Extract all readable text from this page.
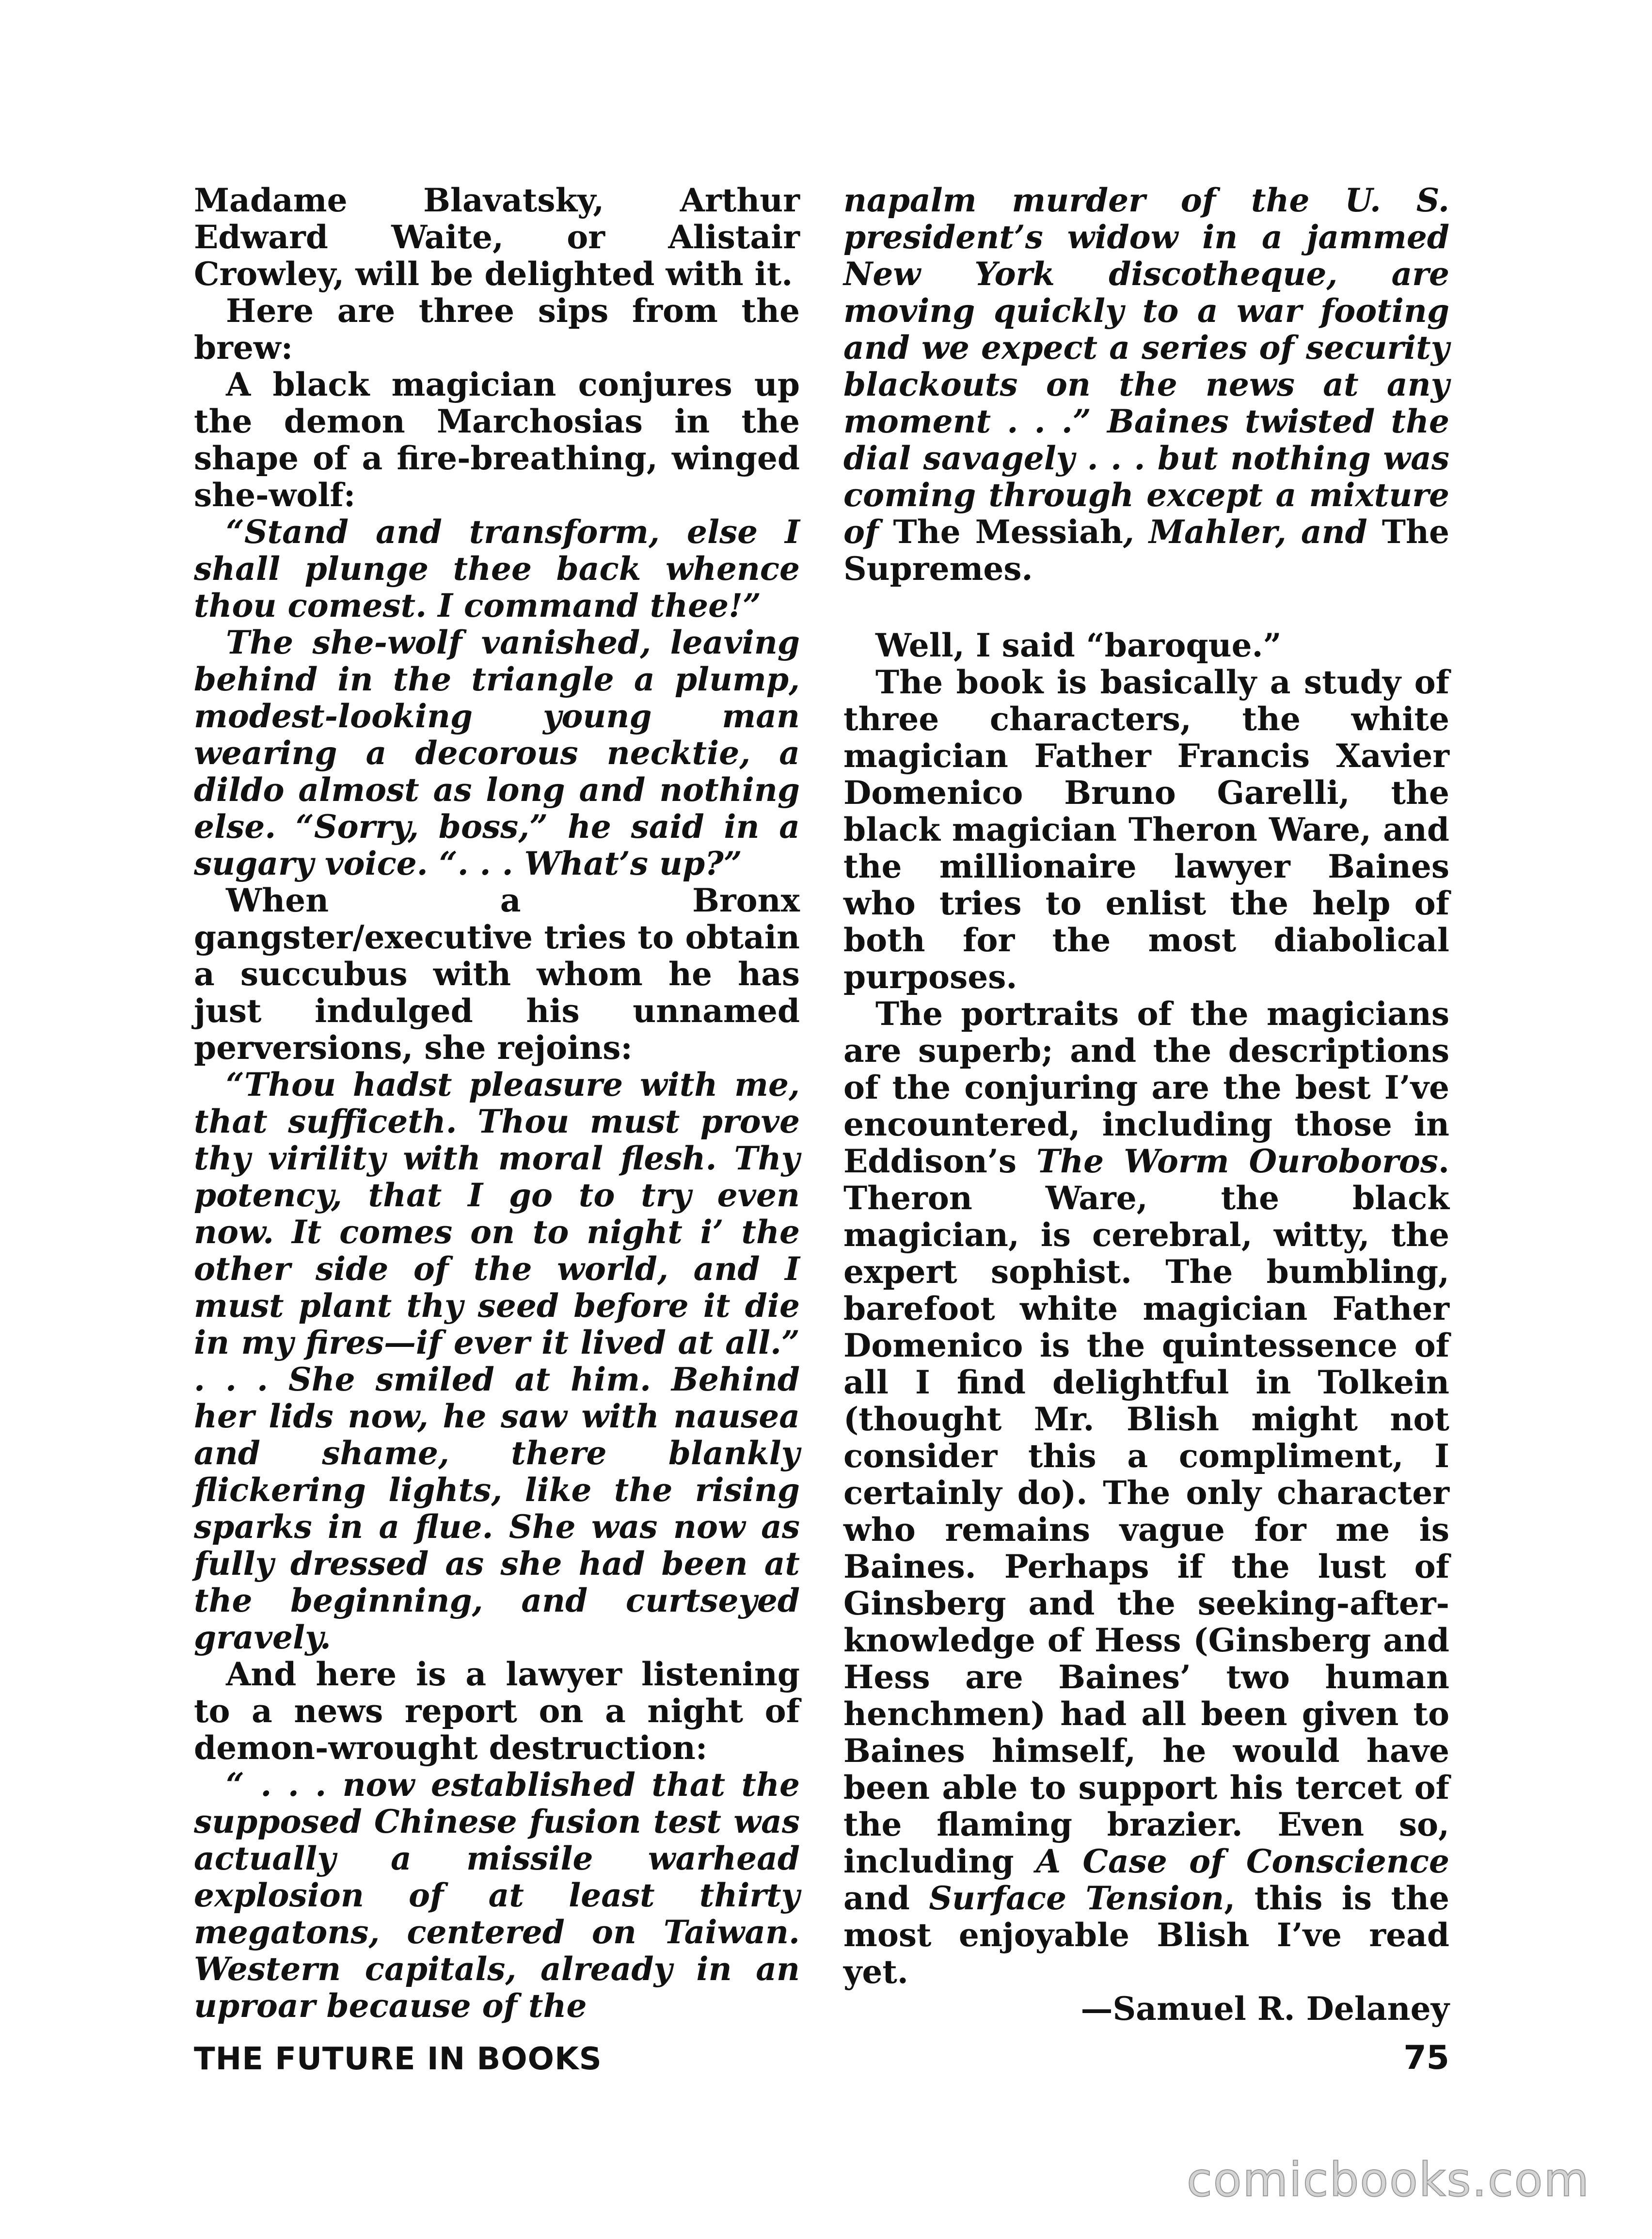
Madame Blavatsky, Arthur Edward Waite, or Alistair Crowley, will be delighted with it.

Here are three sips from the brew:

A black magician conjures up the demon Marchosias in the shape of a fire-breathing, winged she-wolf:

“Stand and transform, else I shall plunge thee back whence thou comest. I command thee!”

The she-wolf vanished, leaving behind in the triangle a plump, modest-looking young man wearing a decorous necktie, a dildo almost as long and nothing else. “Sorry, boss,” he said in a sugary voice. “. . . What’s up?”

When a Bronx gangster/executive tries to obtain a succubus with whom he has just indulged his unnamed perversions, she rejoins:

“Thou hadst pleasure with me, that sufficeth. Thou must prove thy virility with moral flesh. Thy potency, that I go to try even now. It comes on to night i’ the other side of the world, and I must plant thy seed before it die in my fires—if ever it lived at all.” . . . She smiled at him. Behind her lids now, he saw with nausea and shame, there blankly flickering lights, like the rising sparks in a flue. She was now as fully dressed as she had been at the beginning, and curtseyed gravely.

And here is a lawyer listening to a news report on a night of demon-wrought destruction:

“ . . . now established that the supposed Chinese fusion test was actually a missile warhead explosion of at least thirty megatons, centered on Taiwan. Western capitals, already in an uproar because of the

napalm murder of the U. S. president’s widow in a jammed New York discotheque, are moving quickly to a war footing and we expect a series of security blackouts on the news at any moment . . .” Baines twisted the dial savagely . . . but nothing was coming through except a mixture of The Messiah, Mahler, and The Supremes.

Well, I said “baroque.”

The book is basically a study of three characters, the white magician Father Francis Xavier Domenico Bruno Garelli, the black magician Theron Ware, and the millionaire lawyer Baines who tries to enlist the help of both for the most diabolical purposes.

The portraits of the magicians are superb; and the descriptions of the conjuring are the best I’ve encountered, including those in Eddison’s The Worm Ouroboros. Theron Ware, the black magician, is cerebral, witty, the expert sophist. The bumbling, barefoot white magician Father Domenico is the quintessence of all I find delightful in Tolkein (thought Mr. Blish might not consider this a compliment, I certainly do). The only character who remains vague for me is Baines. Perhaps if the lust of Ginsberg and the seeking-after-knowledge of Hess (Ginsberg and Hess are Baines’ two human henchmen) had all been given to Baines himself, he would have been able to support his tercet of the flaming brazier. Even so, including A Case of Conscience and Surface Tension, this is the most enjoyable Blish I’ve read yet.

—Samuel R. Delaney

THE FUTURE IN BOOKS	75
comicbooks.com
